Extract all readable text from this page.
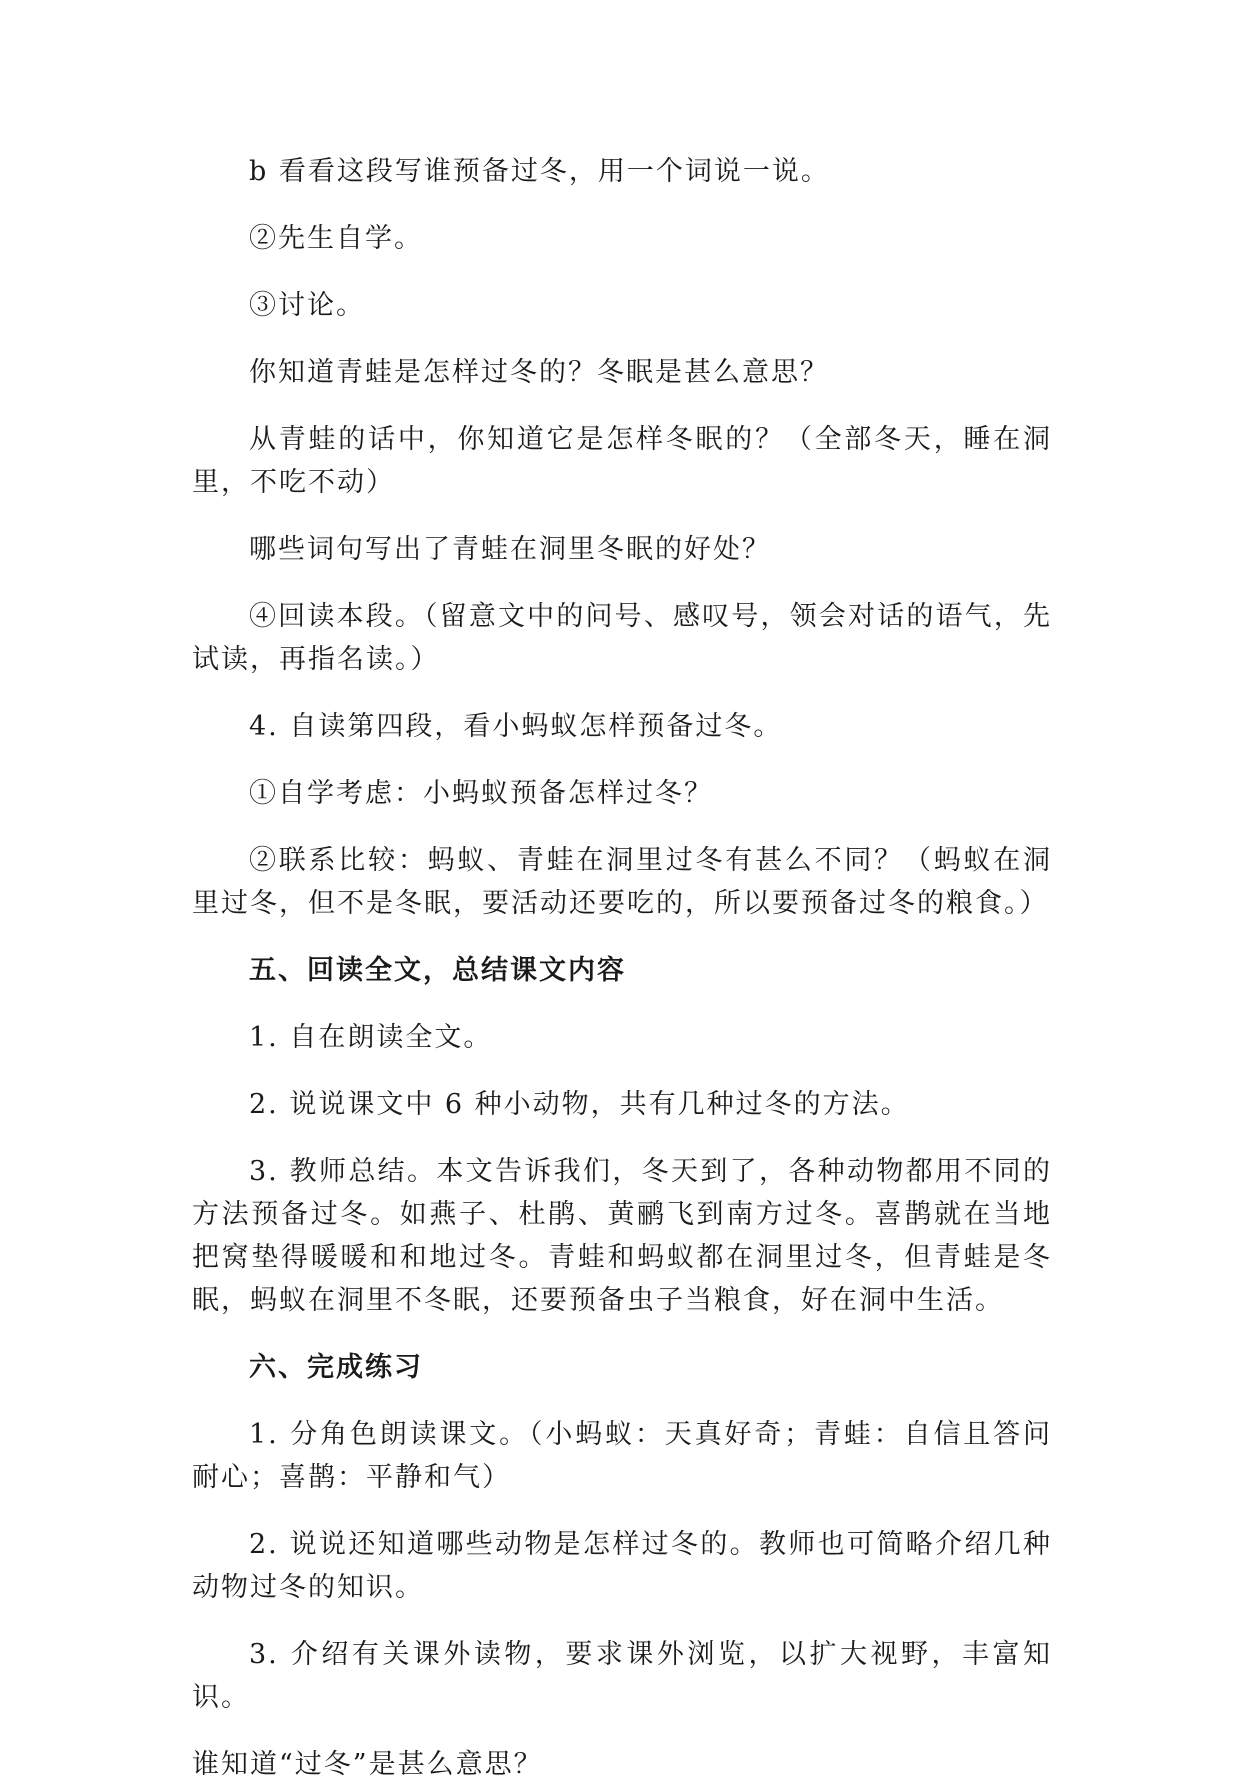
b 看看这段写谁预备过冬，用一个词说一说。

②先生自学。

③讨论。

你知道青蛙是怎样过冬的？冬眠是甚么意思？

从青蛙的话中，你知道它是怎样冬眠的？（全部冬天，睡在洞里，不吃不动）

哪些词句写出了青蛙在洞里冬眠的好处？

④回读本段。（留意文中的问号、感叹号，领会对话的语气，先试读，再指名读。）

4. 自读第四段，看小蚂蚁怎样预备过冬。

①自学考虑：小蚂蚁预备怎样过冬？

②联系比较：蚂蚁、青蛙在洞里过冬有甚么不同？（蚂蚁在洞里过冬，但不是冬眠，要活动还要吃的，所以要预备过冬的粮食。）

五、回读全文，总结课文内容

1. 自在朗读全文。

2. 说说课文中 6 种小动物，共有几种过冬的方法。

3. 教师总结。本文告诉我们，冬天到了，各种动物都用不同的方法预备过冬。如燕子、杜鹃、黄鹂飞到南方过冬。喜鹊就在当地把窝垫得暖暖和和地过冬。青蛙和蚂蚁都在洞里过冬，但青蛙是冬眠，蚂蚁在洞里不冬眠，还要预备虫子当粮食，好在洞中生活。

六、完成练习

1. 分角色朗读课文。（小蚂蚁：天真好奇；青蛙：自信且答问耐心；喜鹊：平静和气）

2. 说说还知道哪些动物是怎样过冬的。教师也可简略介绍几种动物过冬的知识。

3. 介绍有关课外读物，要求课外浏览，以扩大视野，丰富知识。

谁知道“过冬”是甚么意思？
